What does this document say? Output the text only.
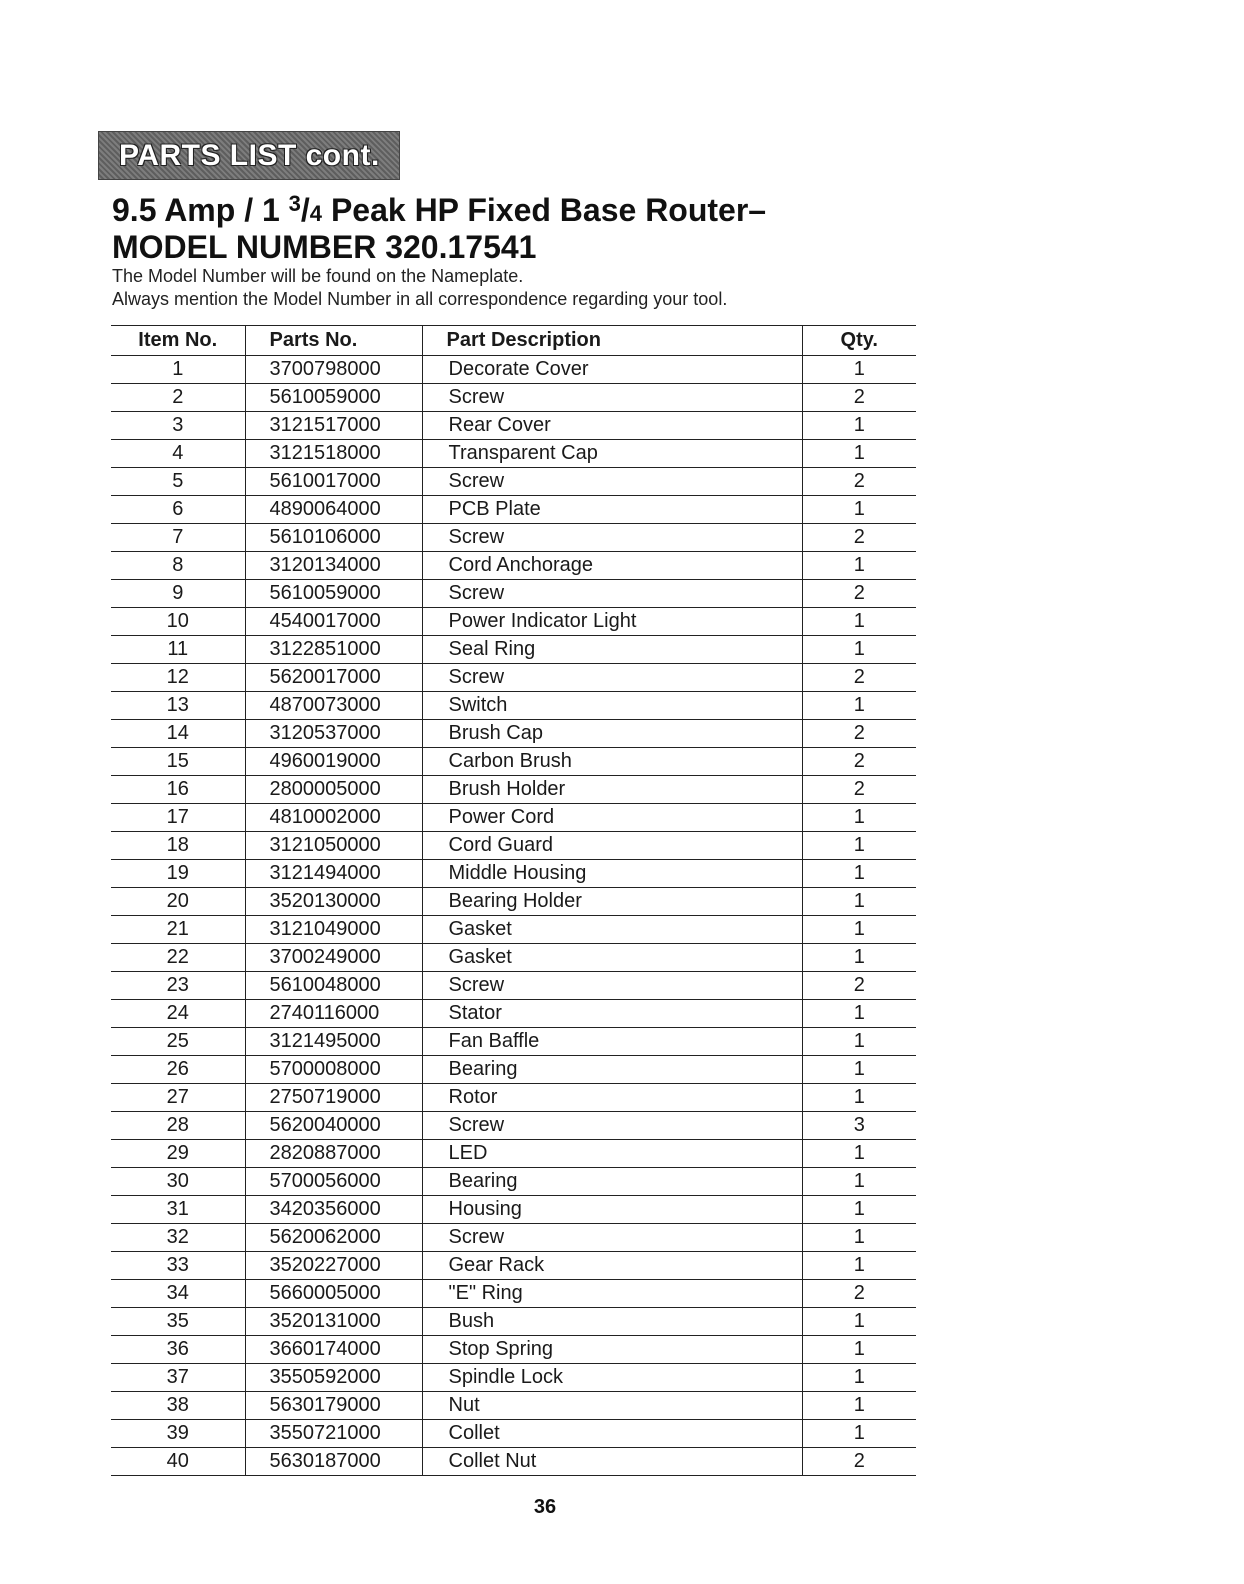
PARTS LIST cont.
9.5 Amp / 1 $^3$/4 Peak HP Fixed Base Router–
MODEL NUMBER 320.17541
The Model Number will be found on the Nameplate.
Always mention the Model Number in all correspondence regarding your tool.
Item No.	Parts No.	Part Description	Qty.
1	3700798000	Decorate Cover	1
2	5610059000	Screw	2
3	3121517000	Rear Cover	1
4	3121518000	Transparent Cap	1
5	5610017000	Screw	2
6	4890064000	PCB Plate	1
7	5610106000	Screw	2
8	3120134000	Cord Anchorage	1
9	5610059000	Screw	2
10	4540017000	Power Indicator Light	1
11	3122851000	Seal Ring	1
12	5620017000	Screw	2
13	4870073000	Switch	1
14	3120537000	Brush Cap	2
15	4960019000	Carbon Brush	2
16	2800005000	Brush Holder	2
17	4810002000	Power Cord	1
18	3121050000	Cord Guard	1
19	3121494000	Middle Housing	1
20	3520130000	Bearing Holder	1
21	3121049000	Gasket	1
22	3700249000	Gasket	1
23	5610048000	Screw	2
24	2740116000	Stator	1
25	3121495000	Fan Baffle	1
26	5700008000	Bearing	1
27	2750719000	Rotor	1
28	5620040000	Screw	3
29	2820887000	LED	1
30	5700056000	Bearing	1
31	3420356000	Housing	1
32	5620062000	Screw	1
33	3520227000	Gear Rack	1
34	5660005000	"E" Ring	2
35	3520131000	Bush	1
36	3660174000	Stop Spring	1
37	3550592000	Spindle Lock	1
38	5630179000	Nut	1
39	3550721000	Collet	1
40	5630187000	Collet Nut	2
36
